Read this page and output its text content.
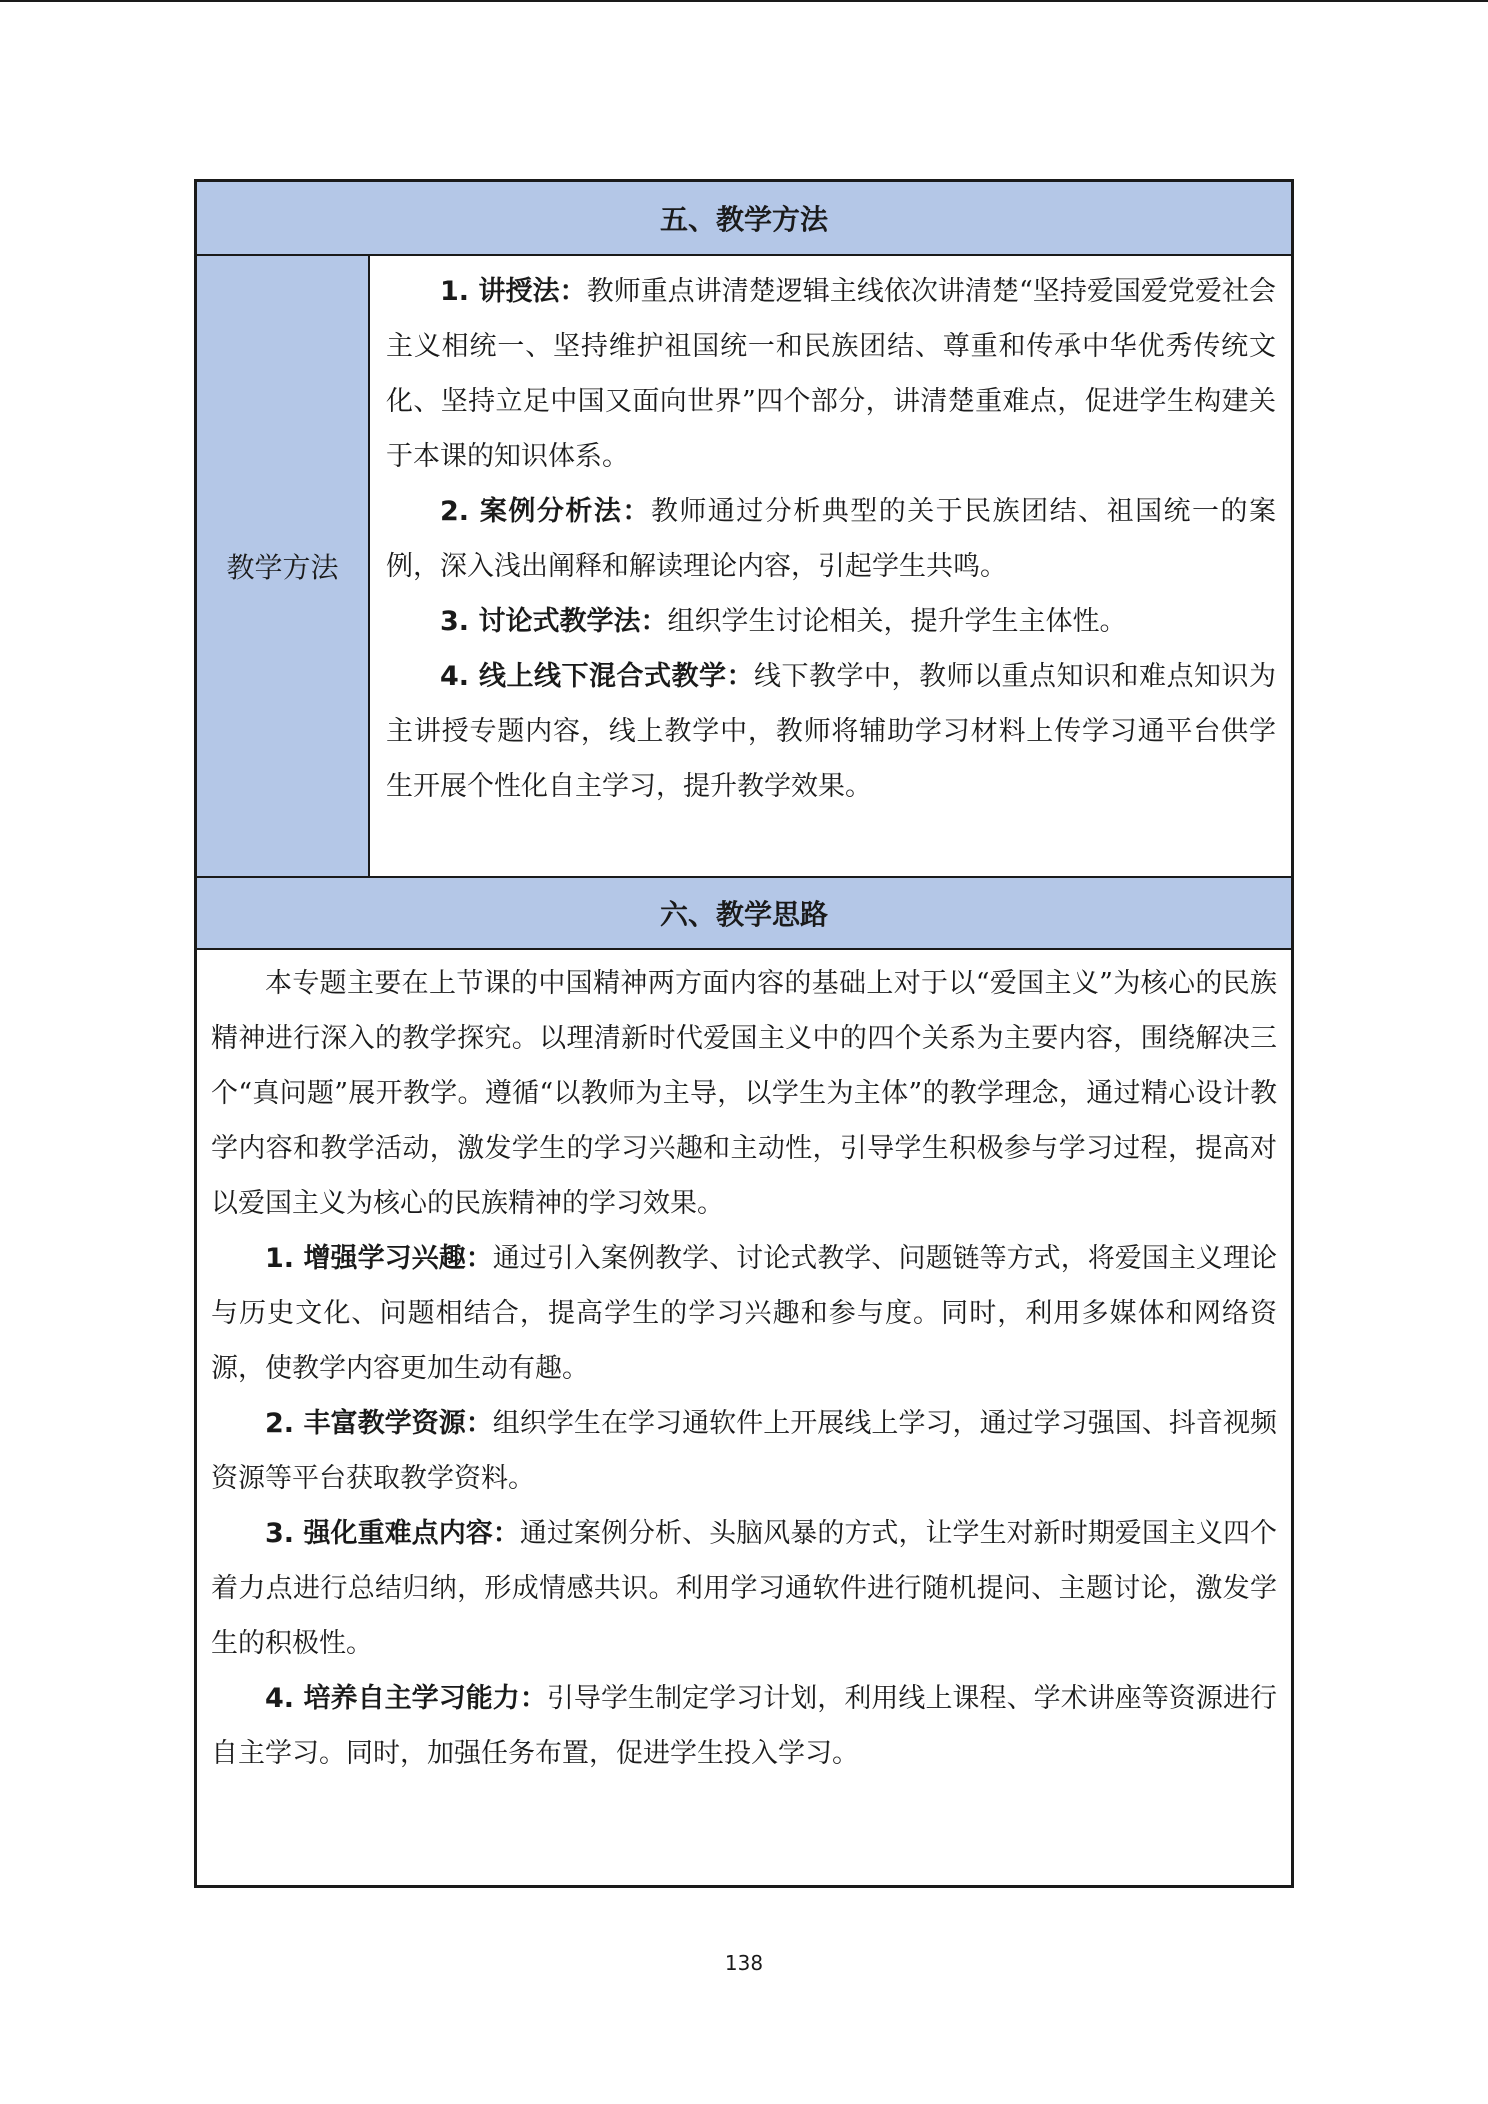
五、教学方法
教学方法

1. 讲授法：教师重点讲清楚逻辑主线依次讲清楚“坚持爱国爱党爱社会主义相统一、坚持维护祖国统一和民族团结、尊重和传承中华优秀传统文化、坚持立足中国又面向世界”四个部分，讲清楚重难点，促进学生构建关于本课的知识体系。

2. 案例分析法：教师通过分析典型的关于民族团结、祖国统一的案例，深入浅出阐释和解读理论内容，引起学生共鸣。

3. 讨论式教学法：组织学生讨论相关，提升学生主体性。

4. 线上线下混合式教学：线下教学中，教师以重点知识和难点知识为主讲授专题内容，线上教学中，教师将辅助学习材料上传学习通平台供学生开展个性化自主学习，提升教学效果。

六、教学思路

本专题主要在上节课的中国精神两方面内容的基础上对于以“爱国主义”为核心的民族精神进行深入的教学探究。以理清新时代爱国主义中的四个关系为主要内容，围绕解决三个“真问题”展开教学。遵循“以教师为主导，以学生为主体”的教学理念，通过精心设计教学内容和教学活动，激发学生的学习兴趣和主动性，引导学生积极参与学习过程，提高对以爱国主义为核心的民族精神的学习效果。

1. 增强学习兴趣：通过引入案例教学、讨论式教学、问题链等方式，将爱国主义理论与历史文化、问题相结合，提高学生的学习兴趣和参与度。同时，利用多媒体和网络资源，使教学内容更加生动有趣。

2. 丰富教学资源：组织学生在学习通软件上开展线上学习，通过学习强国、抖音视频资源等平台获取教学资料。

3. 强化重难点内容：通过案例分析、头脑风暴的方式，让学生对新时期爱国主义四个着力点进行总结归纳，形成情感共识。利用学习通软件进行随机提问、主题讨论，激发学生的积极性。

4. 培养自主学习能力：引导学生制定学习计划，利用线上课程、学术讲座等资源进行自主学习。同时，加强任务布置，促进学生投入学习。

138
